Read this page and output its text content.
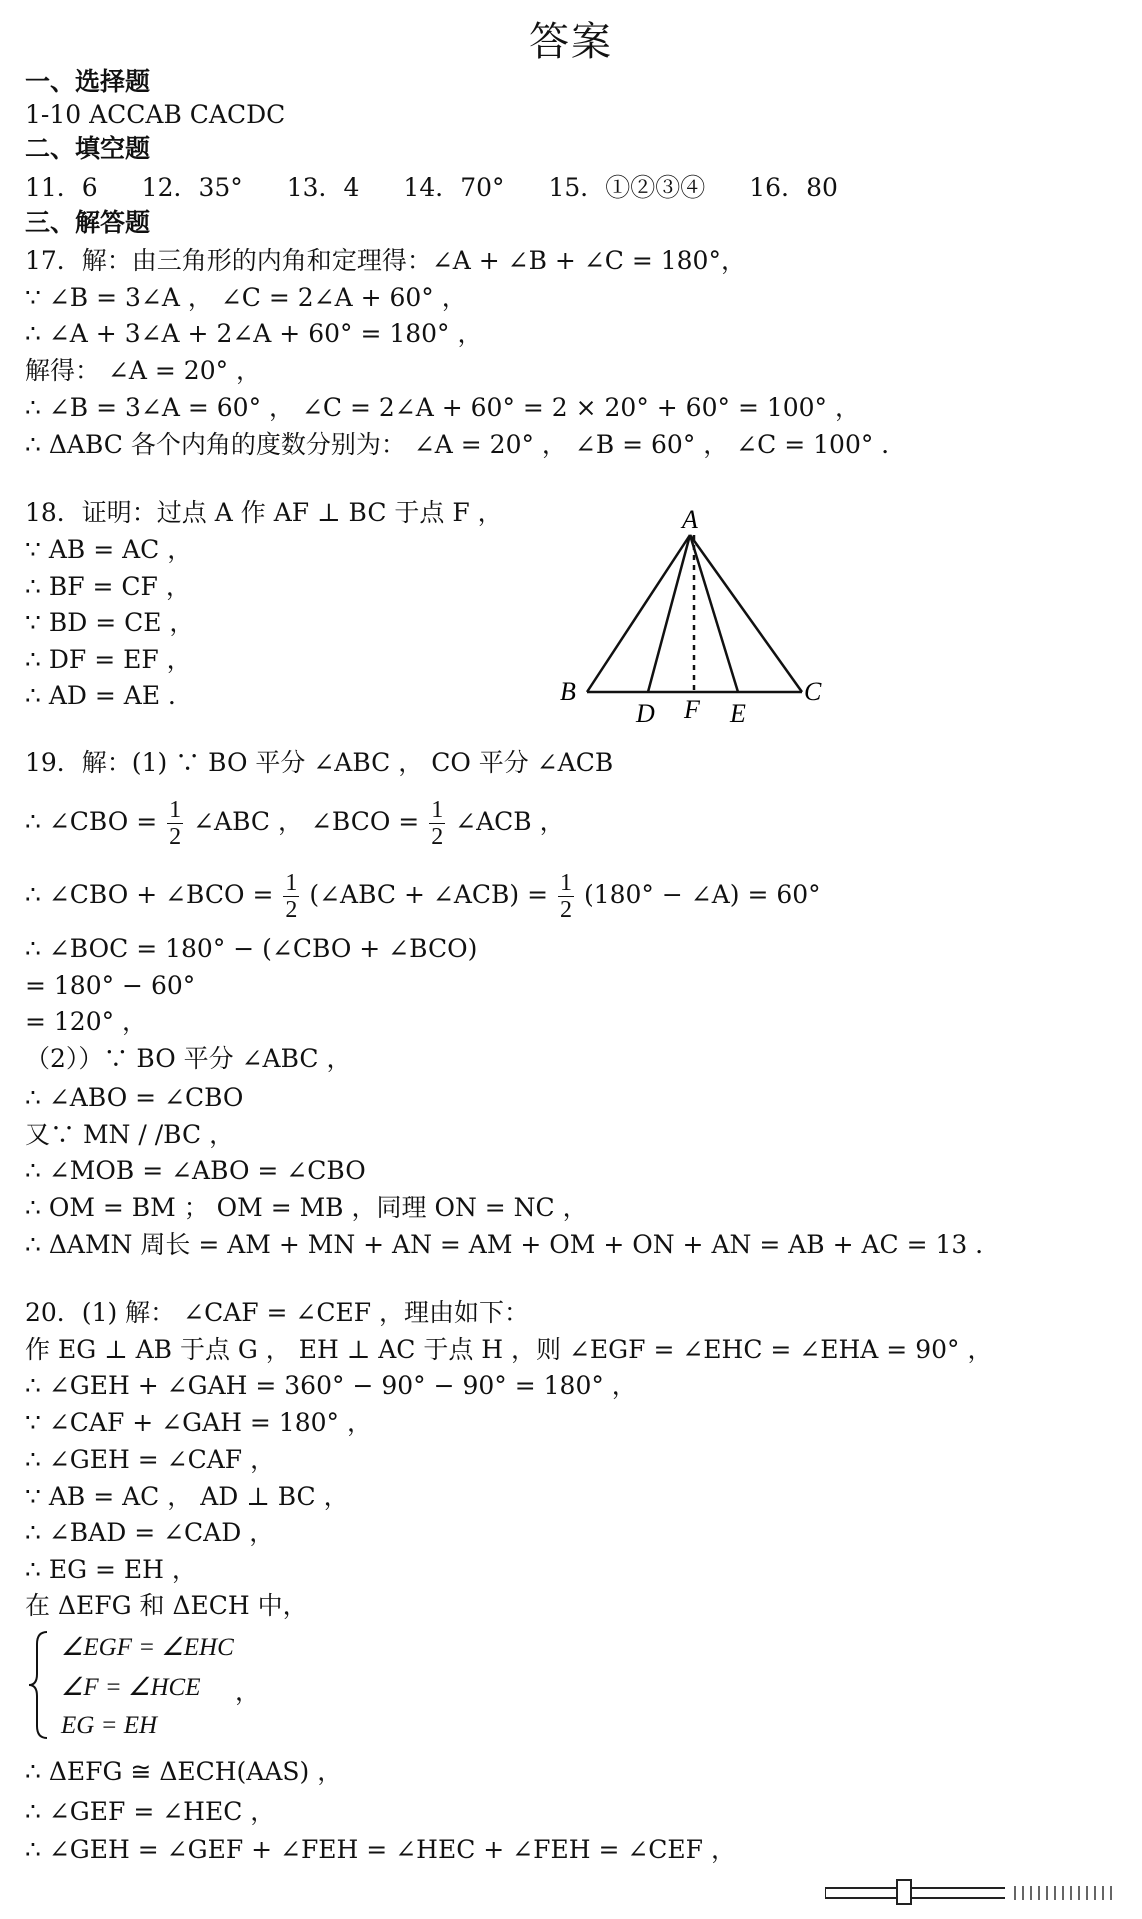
答案
一、选择题
1-10 ACCAB CACDC
二、填空题
11．6 12．35° 13．4 14．70° 15．①②③④ 16．80
三、解答题
17．解：由三角形的内角和定理得：∠A + ∠B + ∠C = 180°，
∵ ∠B = 3∠A ， ∠C = 2∠A + 60° ，
∴ ∠A + 3∠A + 2∠A + 60° = 180° ，
解得： ∠A = 20° ，
∴ ∠B = 3∠A = 60° ， ∠C = 2∠A + 60° = 2 × 20° + 60° = 100° ，
∴ ΔABC 各个内角的度数分别为： ∠A = 20° ， ∠B = 60° ， ∠C = 100° ．
18．证明：过点 A 作 AF ⊥ BC 于点 F ，
∵ AB = AC ，
∴ BF = CF ，
∵ BD = CE ，
∴ DF = EF ，
∴ AD = AE ．
A
B
D F E
C
19．解：(1) ∵ BO 平分 ∠ABC ， CO 平分 ∠ACB
∴ ∠CBO = $\frac{1}{2}$ ∠ABC ， ∠BCO = $\frac{1}{2}$ ∠ACB ，
∴ ∠CBO + ∠BCO = $\frac{1}{2}$ (∠ABC + ∠ACB) = $\frac{1}{2} (180^\circ$ − ∠A) = 60°
∴ ∠BOC = 180° − (∠CBO + ∠BCO)
= 180° − 60°
= 120° ，
（2））∵ BO 平分 ∠ABC ，
∴ ∠ABO = ∠CBO
又∵ MN / /BC ，
∴ ∠MOB = ∠ABO = ∠CBO
∴ OM = BM ； OM = MB ，同理 ON = NC ，
∴ ΔAMN 周长 = AM + MN + AN = AM + OM + ON + AN = AB + AC = 13 ．
20．(1) 解： ∠CAF = ∠CEF ，理由如下：
作 EG ⊥ AB 于点 G ， EH ⊥ AC 于点 H ，则 ∠EGF = ∠EHC = ∠EHA = 90° ，
∴ ∠GEH + ∠GAH = 360° − 90° − 90° = 180° ，
∵ ∠CAF + ∠GAH = 180° ，
∴ ∠GEH = ∠CAF ，
∵ AB = AC ， AD ⊥ BC ，
∴ ∠BAD = ∠CAD ，
∴ EG = EH ，
在 ΔEFG 和 ΔECH 中，
∠EGF = ∠EHC
∠F = ∠HCE
EG = EH
，
∴ ΔEFG ≅ ΔECH(AAS) ，
∴ ∠GEF = ∠HEC ，
∴ ∠GEH = ∠GEF + ∠FEH = ∠HEC + ∠FEH = ∠CEF ，
